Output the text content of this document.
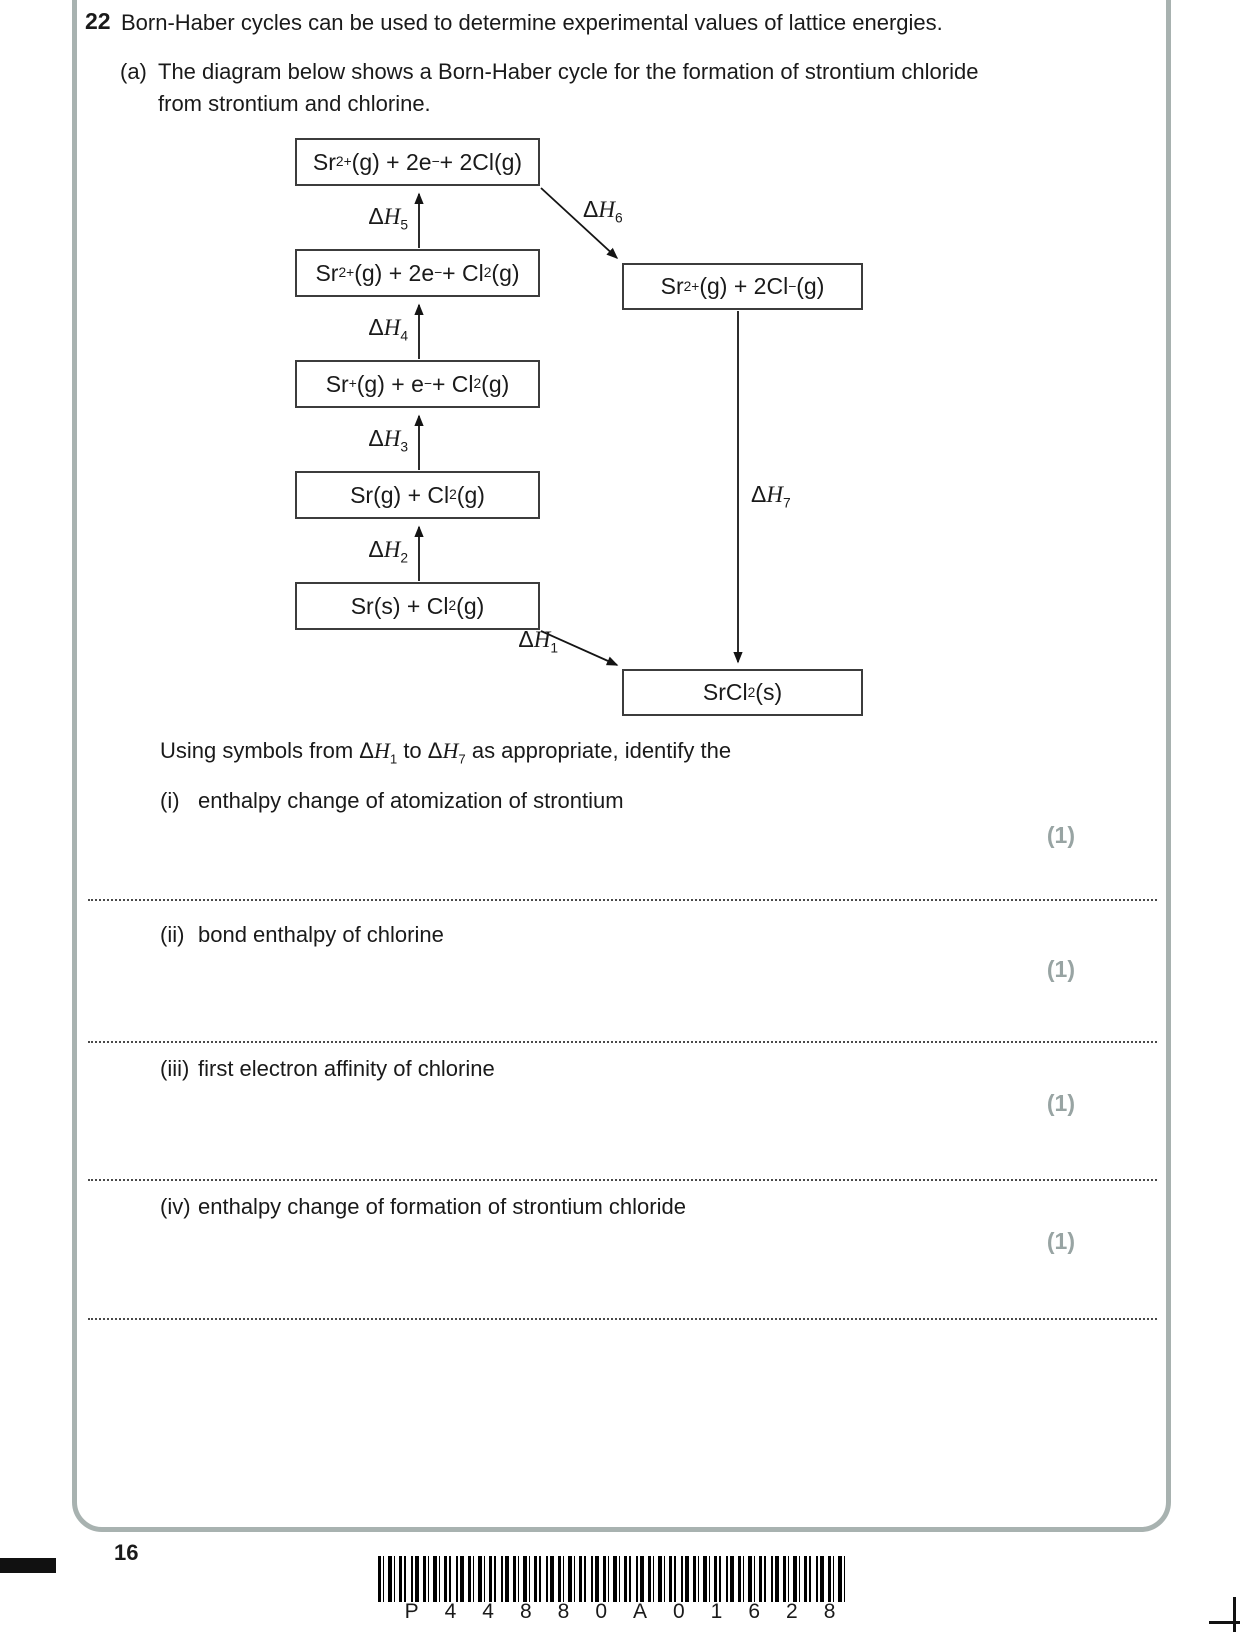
22 Born-Haber cycles can be used to determine experimental values of lattice energies.
(a) The diagram below shows a Born-Haber cycle for the formation of strontium chloride
from strontium and chlorine.
Sr 2+ (g) + 2e − + 2Cl(g)
Sr 2+ (g) + 2e − + Cl 2 (g)
Sr + (g) + e − + Cl 2 (g)
Sr(g) + Cl 2 (g)
Sr(s) + Cl 2 (g)
Sr 2+ (g) + 2Cl − (g)
SrCl 2 (s)
$\Delta H_5$
$\Delta H_4$
$\Delta H_3$
$\Delta H_2$
$\Delta H_6$
$\Delta H_1$
$\Delta H_7$
Using symbols from $\Delta H_1$ to $\Delta H_7$ as appropriate, identify the
(i) enthalpy change of atomization of strontium
(1)
(ii) bond enthalpy of chlorine
(1)
(iii) first electron affinity of chlorine
(1)
(iv) enthalpy change of formation of strontium chloride
(1)
16
P44880A01628
